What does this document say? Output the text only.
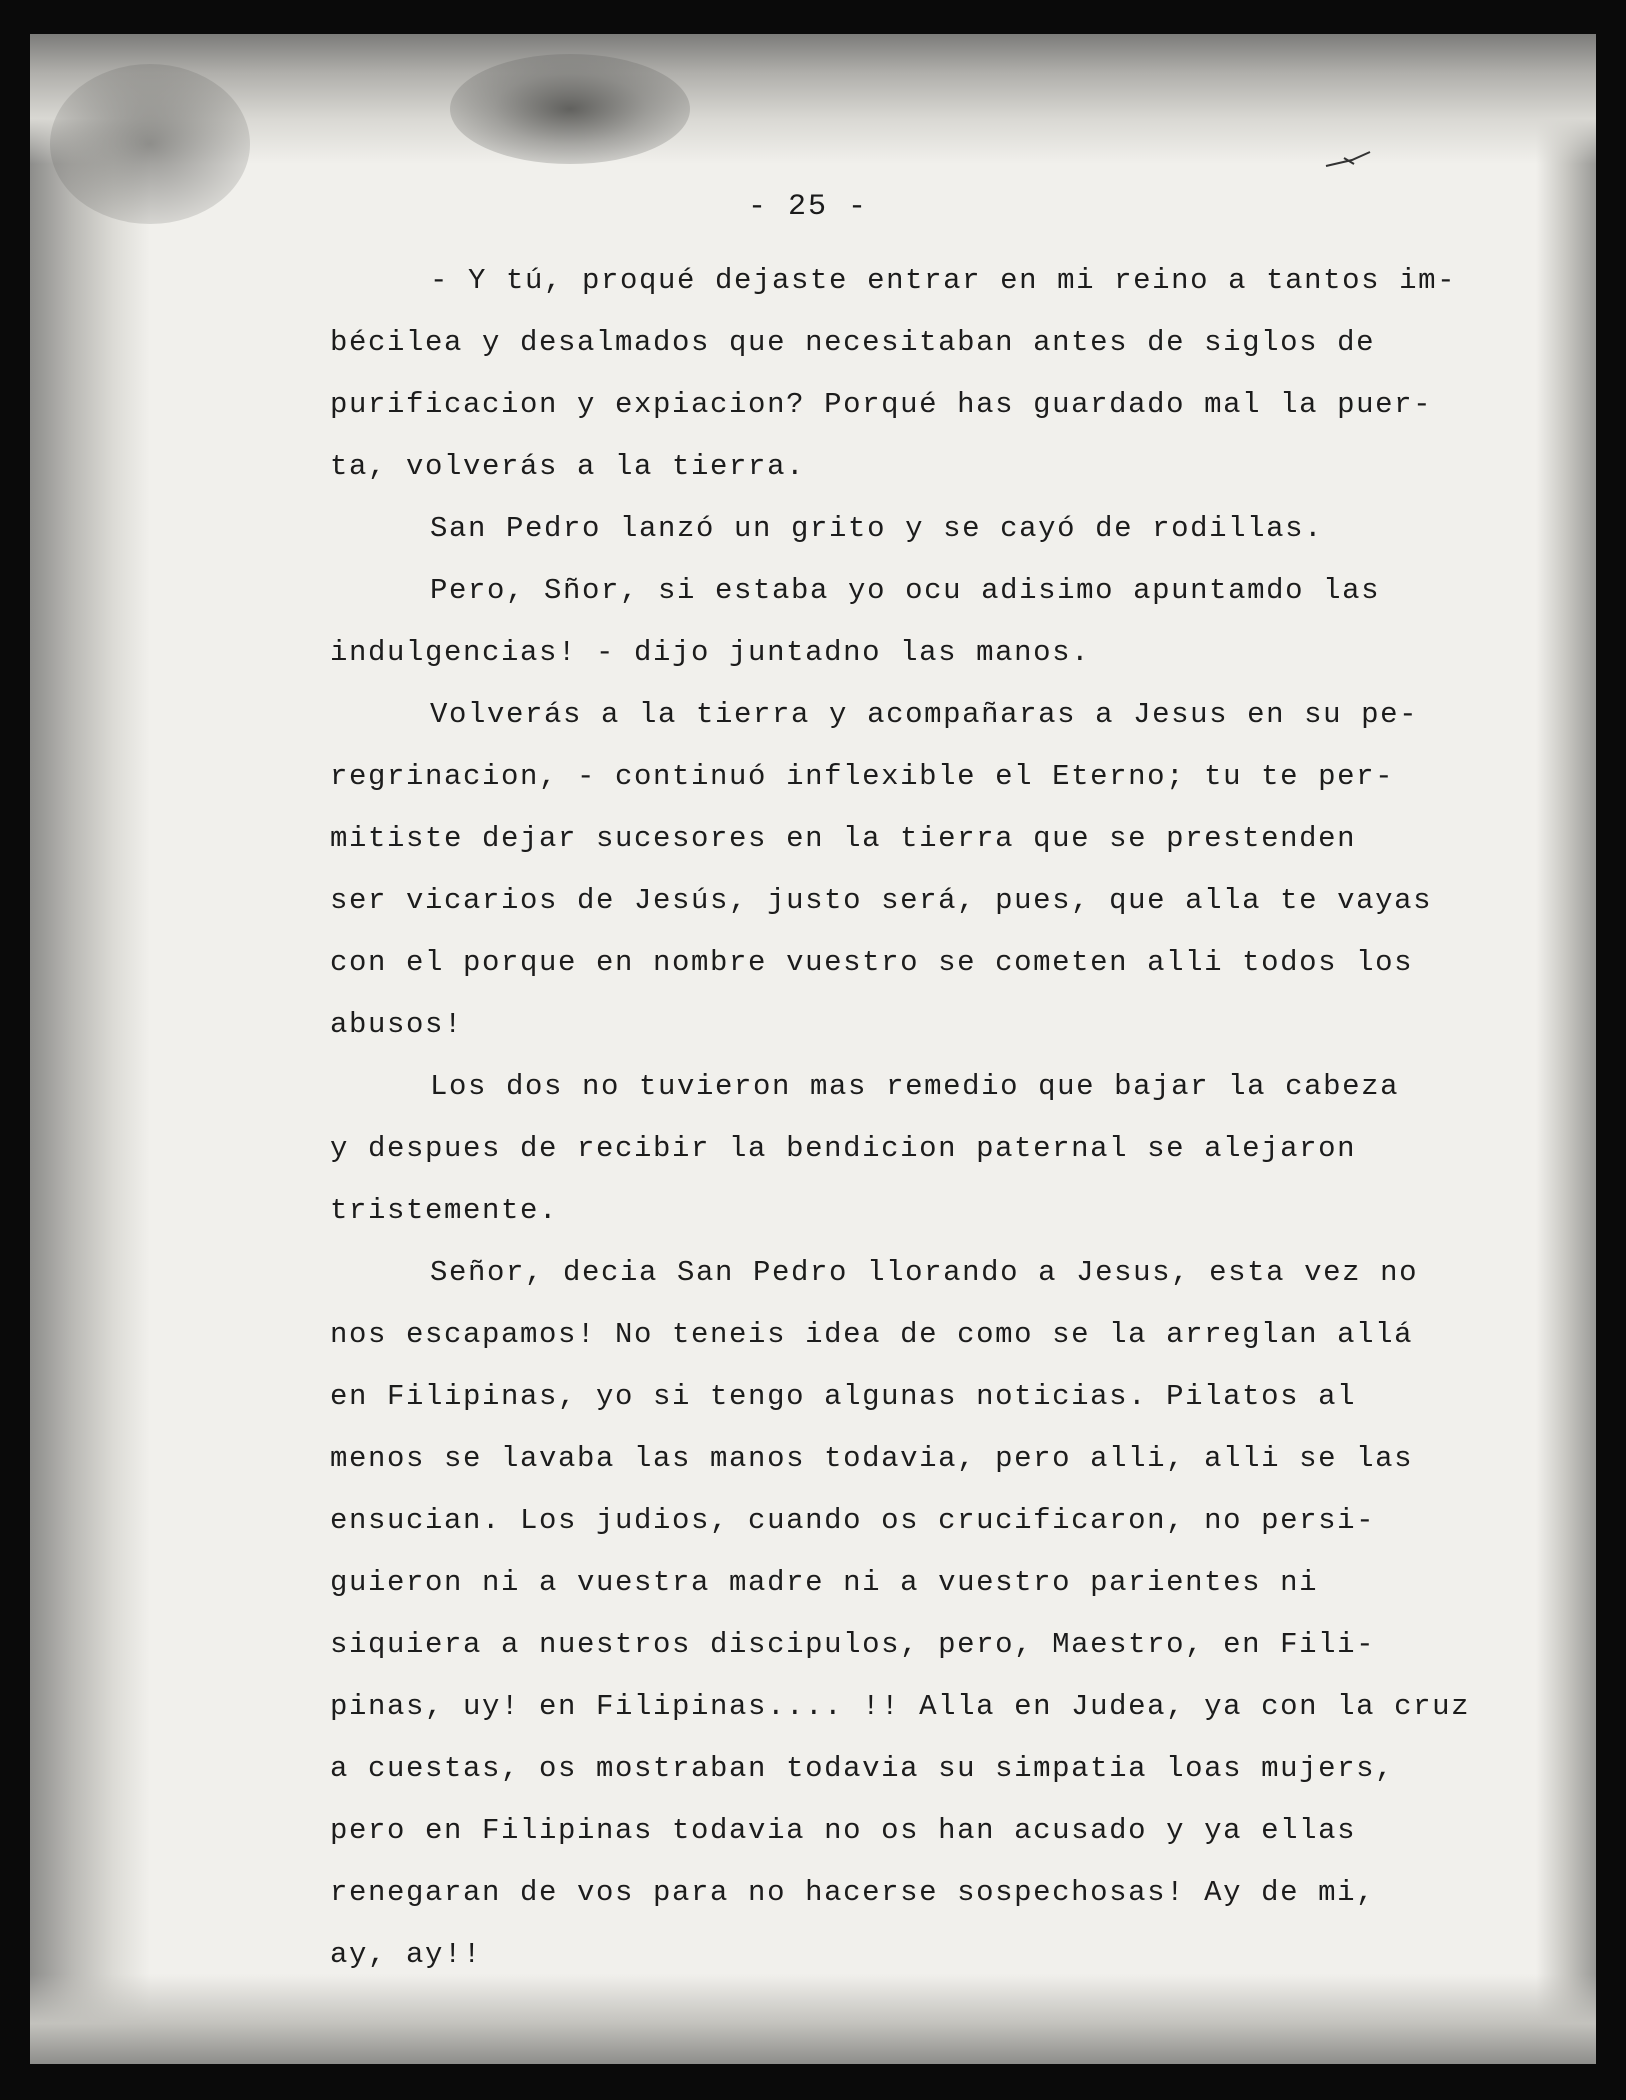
- 25 -
- Y tú, proqué dejaste entrar en mi reino a tantos im-
bécilea y desalmados que necesitaban antes de siglos de
purificacion y expiacion? Porqué has guardado mal la puer-
ta, volverás a la tierra.
San Pedro lanzó un grito y se cayó de rodillas.
Pero, Sñor, si estaba yo ocu adisimo apuntamdo las
indulgencias! - dijo juntadno las manos.
Volverás a la tierra y acompañaras a Jesus en su pe-
regrinacion, - continuó inflexible el Eterno; tu te per-
mitiste dejar sucesores en la tierra que se prestenden
ser vicarios de Jesús, justo será, pues, que alla te vayas
con el porque en nombre vuestro se cometen alli todos los
abusos!
Los dos no tuvieron mas remedio que bajar la cabeza
y despues de recibir la bendicion paternal se alejaron
tristemente.
Señor, decia San Pedro llorando a Jesus, esta vez no
nos escapamos! No teneis idea de como se la arreglan allá
en Filipinas, yo si tengo algunas noticias. Pilatos al
menos se lavaba las manos todavia, pero alli, alli se las
ensucian. Los judios, cuando os crucificaron, no persi-
guieron ni a vuestra madre ni a vuestro parientes ni
siquiera a nuestros discipulos, pero, Maestro, en Fili-
pinas, uy! en Filipinas.... !! Alla en Judea, ya con la cruz
a cuestas, os mostraban todavia su simpatia loas mujers,
pero en Filipinas todavia no os han acusado y ya ellas
renegaran de vos para no hacerse sospechosas! Ay de mi,
ay, ay!!
